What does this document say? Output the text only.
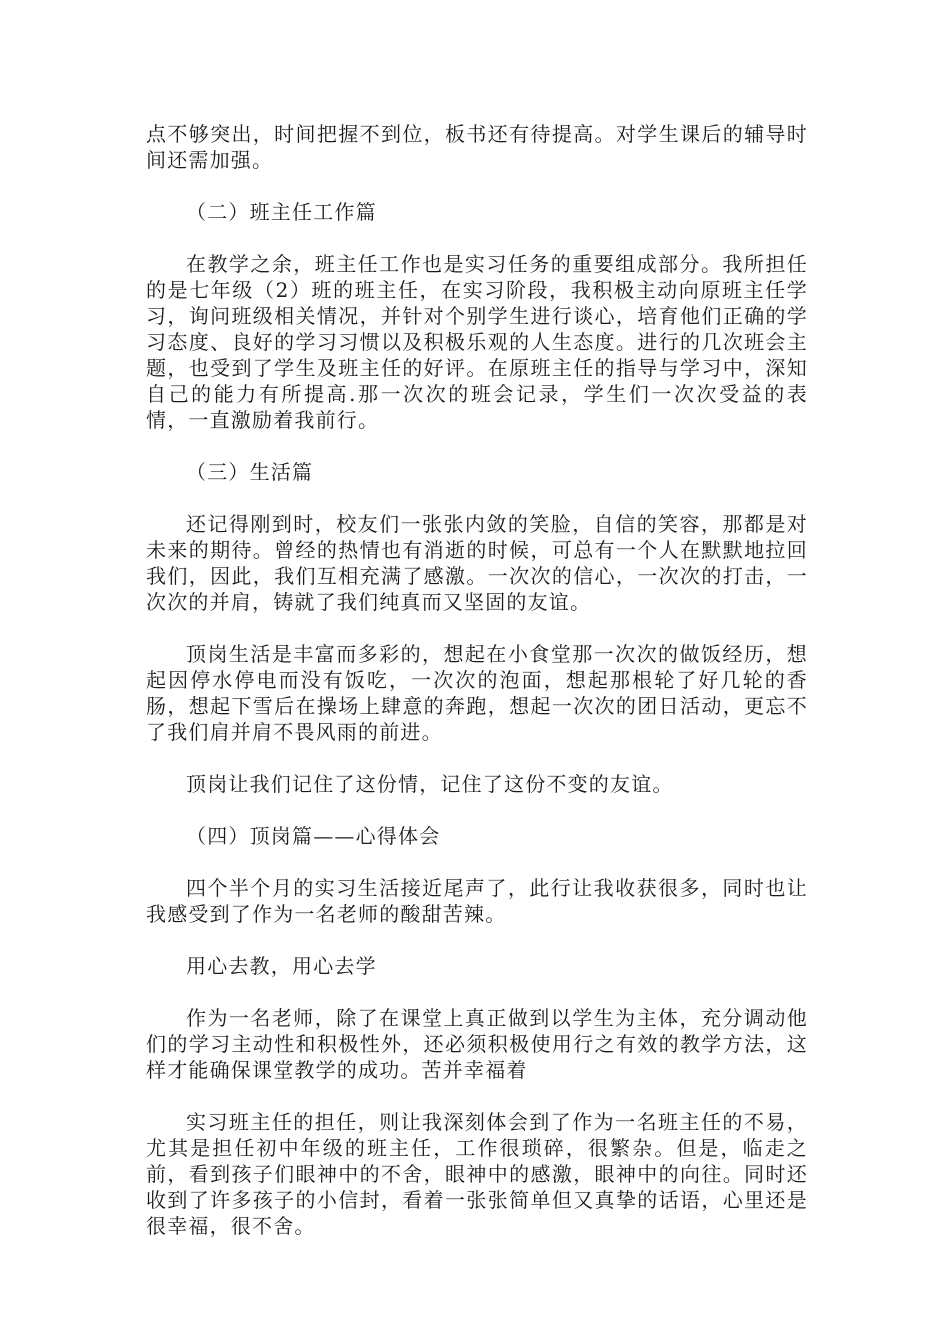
点不够突出，时间把握不到位，板书还有待提高。对学生课后的辅导时间还需加强。

（二）班主任工作篇

在教学之余，班主任工作也是实习任务的重要组成部分。我所担任的是七年级（2）班的班主任，在实习阶段，我积极主动向原班主任学习，询问班级相关情况，并针对个别学生进行谈心，培育他们正确的学习态度、良好的学习习惯以及积极乐观的人生态度。进行的几次班会主题，也受到了学生及班主任的好评。在原班主任的指导与学习中，深知自己的能力有所提高.那一次次的班会记录，学生们一次次受益的表情，一直激励着我前行。

（三）生活篇

还记得刚到时，校友们一张张内敛的笑脸，自信的笑容，那都是对未来的期待。曾经的热情也有消逝的时候，可总有一个人在默默地拉回我们，因此，我们互相充满了感激。一次次的信心，一次次的打击，一次次的并肩，铸就了我们纯真而又坚固的友谊。

顶岗生活是丰富而多彩的，想起在小食堂那一次次的做饭经历，想起因停水停电而没有饭吃，一次次的泡面，想起那根轮了好几轮的香肠，想起下雪后在操场上肆意的奔跑，想起一次次的团日活动，更忘不了我们肩并肩不畏风雨的前进。

顶岗让我们记住了这份情，记住了这份不变的友谊。

（四）顶岗篇——心得体会

四个半个月的实习生活接近尾声了，此行让我收获很多，同时也让我感受到了作为一名老师的酸甜苦辣。

用心去教，用心去学

作为一名老师，除了在课堂上真正做到以学生为主体，充分调动他们的学习主动性和积极性外，还必须积极使用行之有效的教学方法，这样才能确保课堂教学的成功。苦并幸福着

实习班主任的担任，则让我深刻体会到了作为一名班主任的不易，尤其是担任初中年级的班主任，工作很琐碎，很繁杂。但是，临走之前，看到孩子们眼神中的不舍，眼神中的感激，眼神中的向往。同时还收到了许多孩子的小信封，看着一张张简单但又真挚的话语，心里还是很幸福，很不舍。
